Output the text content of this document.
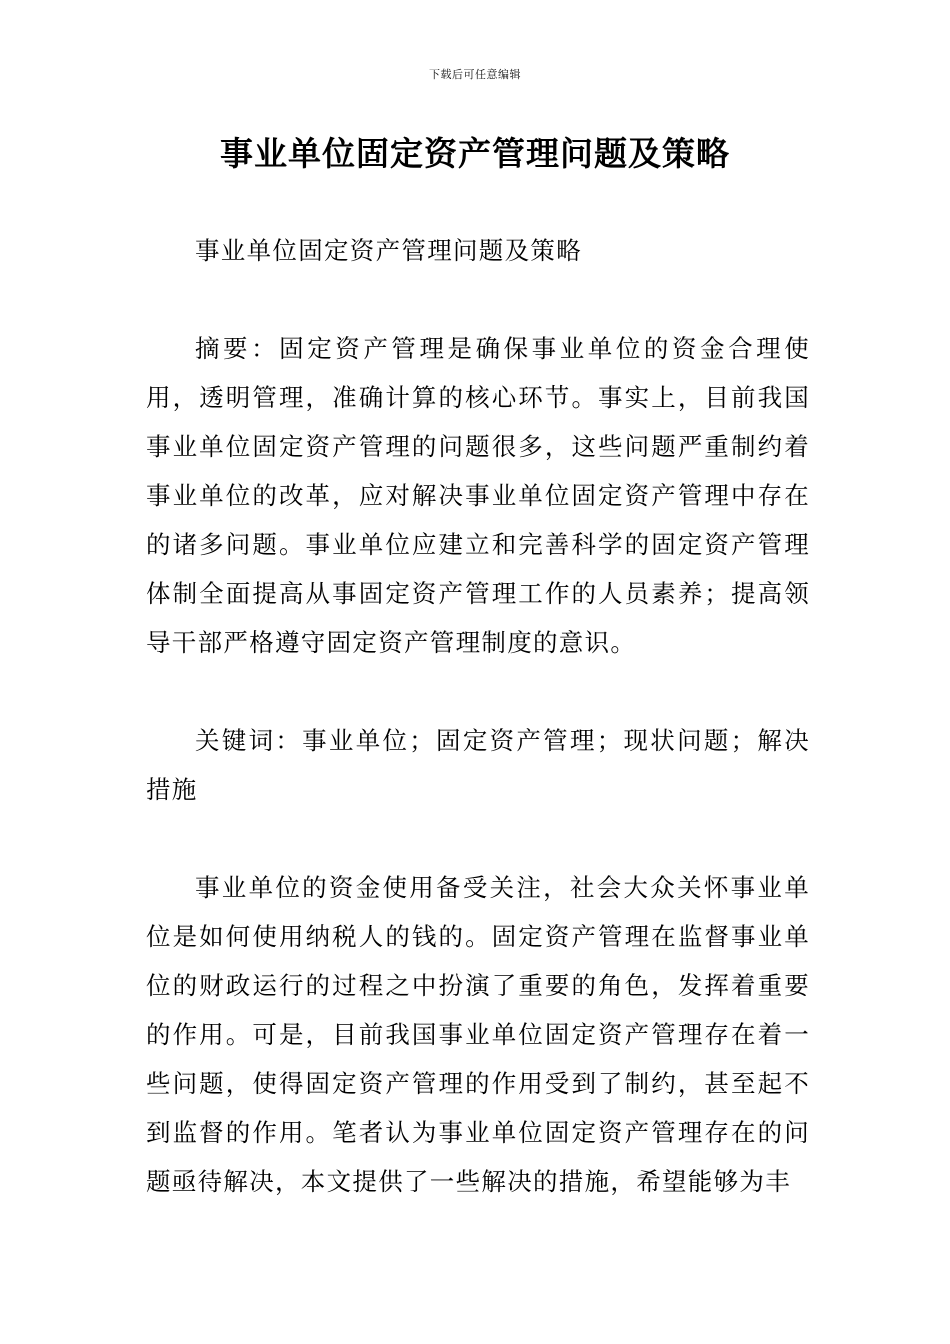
下载后可任意编辑
事业单位固定资产管理问题及策略

事业单位固定资产管理问题及策略

摘要：固定资产管理是确保事业单位的资金合理使用，透明管理，准确计算的核心环节。事实上，目前我国事业单位固定资产管理的问题很多，这些问题严重制约着事业单位的改革，应对解决事业单位固定资产管理中存在的诸多问题。事业单位应建立和完善科学的固定资产管理体制全面提高从事固定资产管理工作的人员素养；提高领导干部严格遵守固定资产管理制度的意识。

关键词：事业单位；固定资产管理；现状问题；解决措施

事业单位的资金使用备受关注，社会大众关怀事业单位是如何使用纳税人的钱的。固定资产管理在监督事业单位的财政运行的过程之中扮演了重要的角色，发挥着重要的作用。可是，目前我国事业单位固定资产管理存在着一些问题，使得固定资产管理的作用受到了制约，甚至起不到监督的作用。笔者认为事业单位固定资产管理存在的问题亟待解决，本文提供了一些解决的措施，希望能够为丰
